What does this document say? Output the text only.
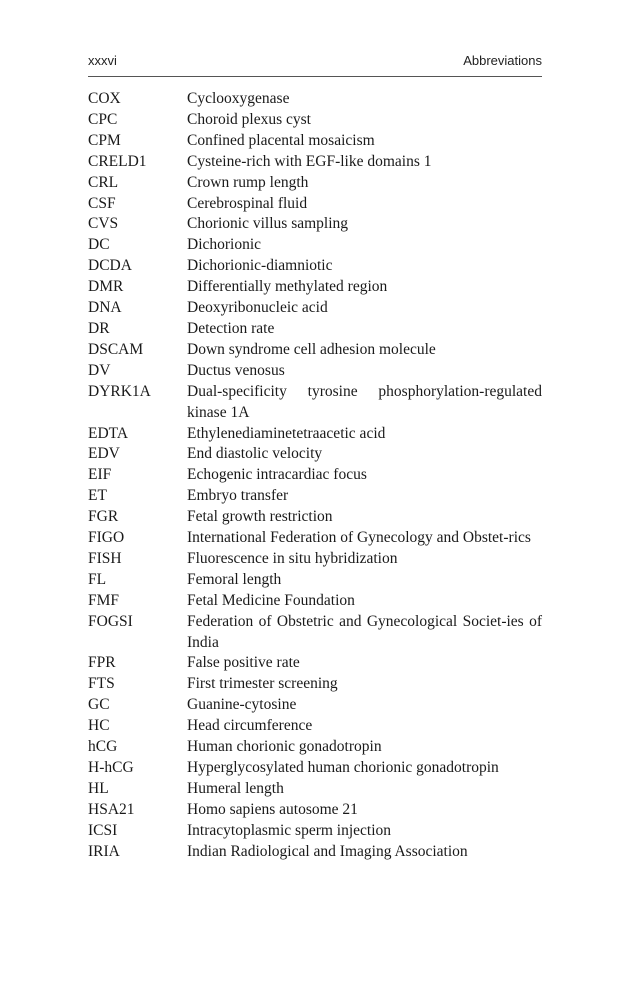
xxxvi	Abbreviations
COX	Cyclooxygenase
CPC	Choroid plexus cyst
CPM	Confined placental mosaicism
CRELD1	Cysteine-rich with EGF-like domains 1
CRL	Crown rump length
CSF	Cerebrospinal fluid
CVS	Chorionic villus sampling
DC	Dichorionic
DCDA	Dichorionic-diamniotic
DMR	Differentially methylated region
DNA	Deoxyribonucleic acid
DR	Detection rate
DSCAM	Down syndrome cell adhesion molecule
DV	Ductus venosus
DYRK1A	Dual-specificity tyrosine phosphorylation-regulated kinase 1A
EDTA	Ethylenediaminetetraacetic acid
EDV	End diastolic velocity
EIF	Echogenic intracardiac focus
ET	Embryo transfer
FGR	Fetal growth restriction
FIGO	International Federation of Gynecology and Obstet-rics
FISH	Fluorescence in situ hybridization
FL	Femoral length
FMF	Fetal Medicine Foundation
FOGSI	Federation of Obstetric and Gynecological Societ-ies of India
FPR	False positive rate
FTS	First trimester screening
GC	Guanine-cytosine
HC	Head circumference
hCG	Human chorionic gonadotropin
H-hCG	Hyperglycosylated human chorionic gonadotropin
HL	Humeral length
HSA21	Homo sapiens autosome 21
ICSI	Intracytoplasmic sperm injection
IRIA	Indian Radiological and Imaging Association
